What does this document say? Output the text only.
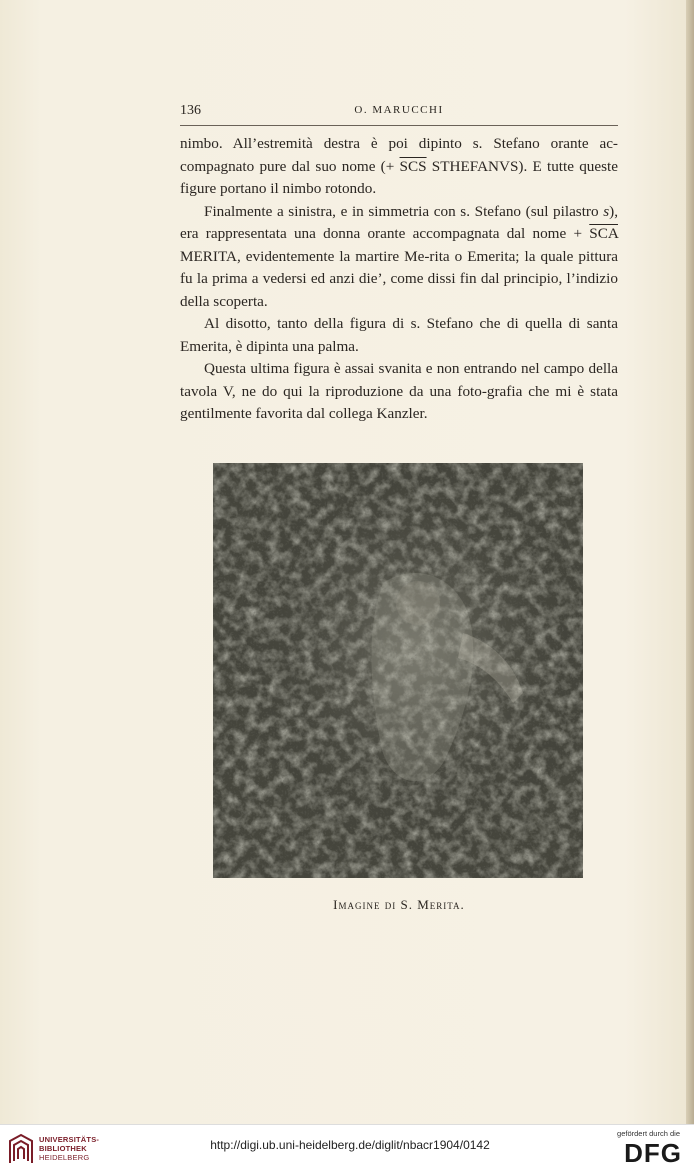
136	O. MARUCCHI

nimbo. All’estremità destra è poi dipinto s. Stefano orante ac-compagnato pure dal suo nome (+ $\overline{SCS}$ STHEFANVS). E tutte queste figure portano il nimbo rotondo.

Finalmente a sinistra, e in simmetria con s. Stefano (sul pilastro s), era rappresentata una donna orante accompagnata dal nome + $\overline{SCA}$ MERITA, evidentemente la martire Me-rita o Emerita; la quale pittura fu la prima a vedersi ed anzi die’, come dissi fin dal principio, l’indizio della scoperta.

Al disotto, tanto della figura di s. Stefano che di quella di santa Emerita, è dipinta una palma.

Questa ultima figura è assai svanita e non entrando nel campo della tavola V, ne do qui la riproduzione da una foto-grafia che mi è stata gentilmente favorita dal collega Kanzler.

Imagine di S. Merita.
UNIVERSITÄTS-
BIBLIOTHEK
HEIDELBERG
http://digi.ub.uni-heidelberg.de/diglit/nbacr1904/0142
gefördert durch die
DFG
